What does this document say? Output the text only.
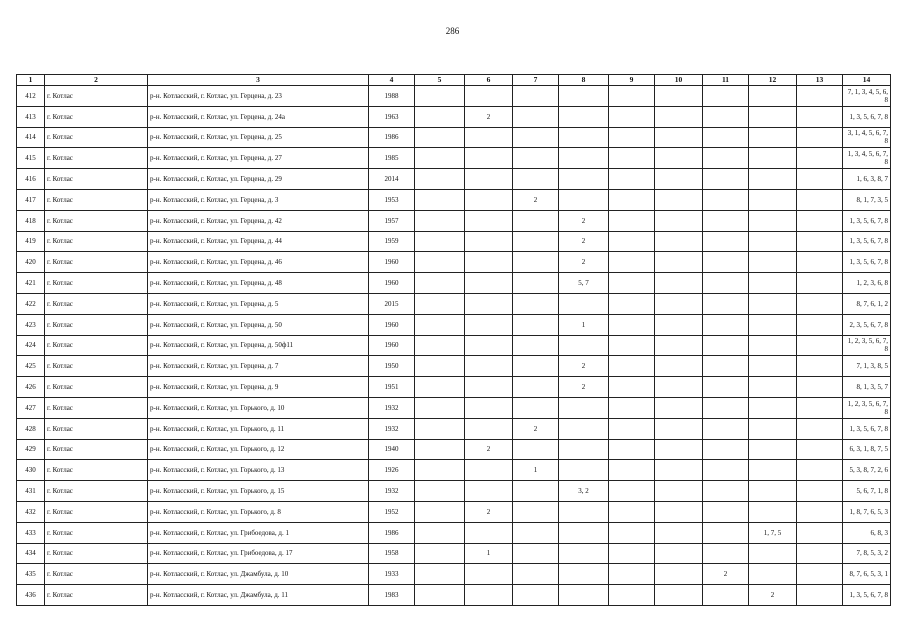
286
1	2	3	4	5	6	7	8	9	10	11	12	13	14
412	г. Котлас	р-н. Котласский, г. Котлас, ул. Герцена, д. 23	1988										7, 1, 3, 4, 5, 6, 8
413	г. Котлас	р-н. Котласский, г. Котлас, ул. Герцена, д. 24а	1963		2								1, 3, 5, 6, 7, 8
414	г. Котлас	р-н. Котласский, г. Котлас, ул. Герцена, д. 25	1986										3, 1, 4, 5, 6, 7, 8
415	г. Котлас	р-н. Котласский, г. Котлас, ул. Герцена, д. 27	1985										1, 3, 4, 5, 6, 7, 8
416	г. Котлас	р-н. Котласский, г. Котлас, ул. Герцена, д. 29	2014										1, 6, 3, 8, 7
417	г. Котлас	р-н. Котласский, г. Котлас, ул. Герцена, д. 3	1953			2							8, 1, 7, 3, 5
418	г. Котлас	р-н. Котласский, г. Котлас, ул. Герцена, д. 42	1957				2						1, 3, 5, 6, 7, 8
419	г. Котлас	р-н. Котласский, г. Котлас, ул. Герцена, д. 44	1959				2						1, 3, 5, 6, 7, 8
420	г. Котлас	р-н. Котласский, г. Котлас, ул. Герцена, д. 46	1960				2						1, 3, 5, 6, 7, 8
421	г. Котлас	р-н. Котласский, г. Котлас, ул. Герцена, д. 48	1960				5, 7						1, 2, 3, 6, 8
422	г. Котлас	р-н. Котласский, г. Котлас, ул. Герцена, д. 5	2015										8, 7, 6, 1, 2
423	г. Котлас	р-н. Котласский, г. Котлас, ул. Герцена, д. 50	1960				1						2, 3, 5, 6, 7, 8
424	г. Котлас	р-н. Котласский, г. Котлас, ул. Герцена, д. 50ф11	1960										1, 2, 3, 5, 6, 7, 8
425	г. Котлас	р-н. Котласский, г. Котлас, ул. Герцена, д. 7	1950				2						7, 1, 3, 8, 5
426	г. Котлас	р-н. Котласский, г. Котлас, ул. Герцена, д. 9	1951				2						8, 1, 3, 5, 7
427	г. Котлас	р-н. Котласский, г. Котлас, ул. Горького, д. 10	1932										1, 2, 3, 5, 6, 7, 8
428	г. Котлас	р-н. Котласский, г. Котлас, ул. Горького, д. 11	1932			2							1, 3, 5, 6, 7, 8
429	г. Котлас	р-н. Котласский, г. Котлас, ул. Горького, д. 12	1940		2								6, 3, 1, 8, 7, 5
430	г. Котлас	р-н. Котласский, г. Котлас, ул. Горького, д. 13	1926			1							5, 3, 8, 7, 2, 6
431	г. Котлас	р-н. Котласский, г. Котлас, ул. Горького, д. 15	1932				3, 2						5, 6, 7, 1, 8
432	г. Котлас	р-н. Котласский, г. Котлас, ул. Горького, д. 8	1952		2								1, 8, 7, 6, 5, 3
433	г. Котлас	р-н. Котласский, г. Котлас, ул. Грибоедова, д. 1	1986								1, 7, 5		6, 8, 3
434	г. Котлас	р-н. Котласский, г. Котлас, ул. Грибоедова, д. 17	1958		1								7, 8, 5, 3, 2
435	г. Котлас	р-н. Котласский, г. Котлас, ул. Джамбула, д. 10	1933							2			8, 7, 6, 5, 3, 1
436	г. Котлас	р-н. Котласский, г. Котлас, ул. Джамбула, д. 11	1983								2		1, 3, 5, 6, 7, 8
